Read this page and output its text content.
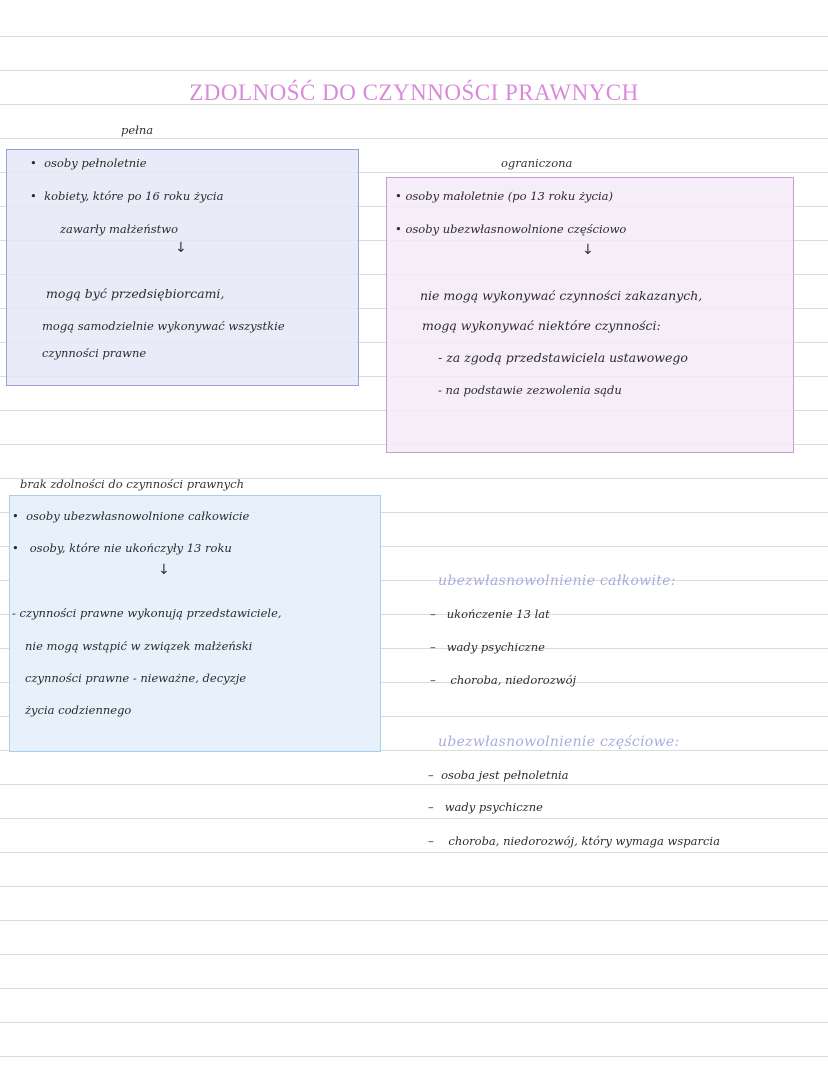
ZDOLNOŚĆ DO CZYNNOŚCI PRAWNYCH
pełna
•  osoby pełnoletnie
•  kobiety, które po 16 roku życia
zawarły małżeństwo
↓
mogą być przedsiębiorcami,
mogą samodzielnie wykonywać wszystkie
czynności prawne
ograniczona
• osoby małoletnie (po 13 roku życia)
• osoby ubezwłasnowolnione częściowo
↓
nie mogą wykonywać czynności zakazanych,
mogą wykonywać niektóre czynności:
- za zgodą przedstawiciela ustawowego
- na podstawie zezwolenia sądu
brak zdolności do czynności prawnych
•  osoby ubezwłasnowolnione całkowicie
•   osoby, które nie ukończyły 13 roku
↓
- czynności prawne wykonują przedstawiciele,
nie mogą wstąpić w związek małżeński
czynności prawne - nieważne, decyzje
życia codziennego
ubezwłasnowolnienie całkowite:
–   ukończenie 13 lat
–   wady psychiczne
–    choroba, niedorozwój
ubezwłasnowolnienie częściowe:
–  osoba jest pełnoletnia
–   wady psychiczne
–    choroba, niedorozwój, który wymaga wsparcia
